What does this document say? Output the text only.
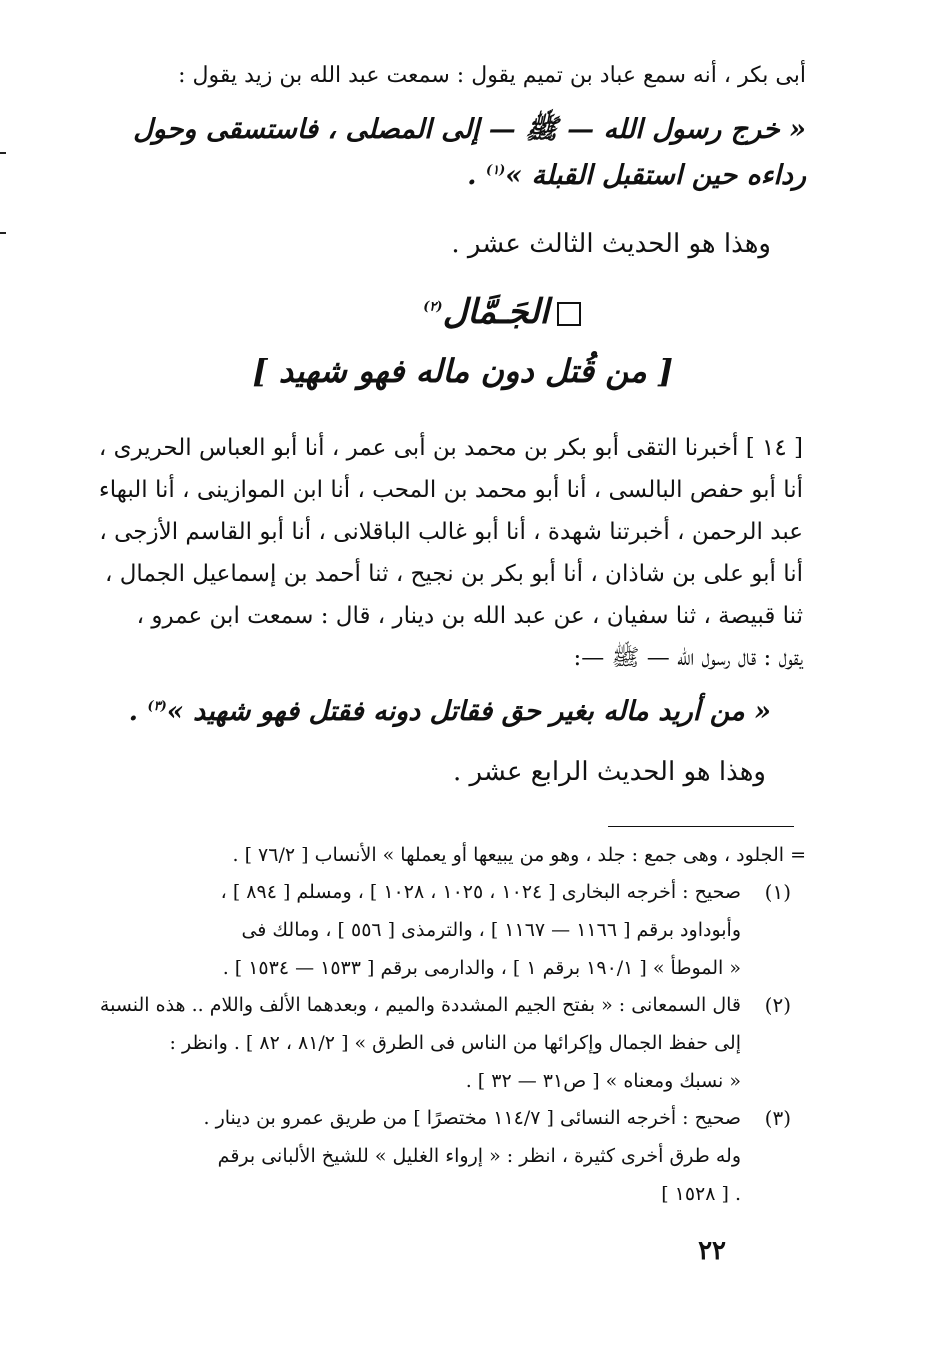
أبى بكر ، أنه سمع عباد بن تميم يقول : سمعت عبد الله بن زيد يقول :
« خرج رسول الله — ﷺ — إلى المصلى ، فاستسقى وحول
رداءه حين استقبل القبلة »$^{(١)}$ .
وهذا هو الحديث الثالث عشر .
الجَـمَّال$^{(٢)}$
[ من قُتل دون ماله فهو شهيد ]
[ ١٤ ] أخبرنا التقى أبو بكر بن محمد بن أبى عمر ، أنا أبو العباس الحريرى ،
أنا أبو حفص البالسى ، أنا أبو محمد بن المحب ، أنا ابن الموازينى ، أنا البهاء
عبد الرحمن ، أخبرتنا شهدة ، أنا أبو غالب الباقلانى ، أنا أبو القاسم الأزجى ،
أنا أبو على بن شاذان ، أنا أبو بكر بن نجيح ، ثنا أحمد بن إسماعيل الجمال ،
ثنا قبيصة ، ثنا سفيان ، عن عبد الله بن دينار ، قال : سمعت ابن عمرو ،
يقول : قال رسول الله — ﷺ —:
« من أريد ماله بغير حق فقاتل دونه فقتل فهو شهيد »$^{(٣)}$ .
وهذا هو الحديث الرابع عشر .
= الجلود ، وهى جمع : جلد ، وهو من يبيعها أو يعملها » الأنساب [ ٧٦/٢ ] .
(١)
صحيح : أخرجه البخارى [ ١٠٢٤ ، ١٠٢٥ ، ١٠٢٨ ] ، ومسلم [ ٨٩٤ ] ،
وأبوداود برقم [ ١١٦٦ — ١١٦٧ ] ، والترمذى [ ٥٥٦ ] ، ومالك فى
« الموطأ » [ ١٩٠/١ برقم ١ ] ، والدارمى برقم [ ١٥٣٣ — ١٥٣٤ ] .
(٢)
قال السمعانى : « بفتح الجيم المشددة والميم ، وبعدهما الألف واللام .. هذه النسبة
إلى حفظ الجمال وإكرائها من الناس فى الطرق » [ ٨١/٢ ، ٨٢ ] . وانظر :
« نسبك ومعناه » [ ص٣١ — ٣٢ ] .
(٣)
صحيح : أخرجه النسائى [ ١١٤/٧ مختصرًا ] من طريق عمرو بن دينار .
وله طرق أخرى كثيرة ، انظر : « إرواء الغليل » للشيخ الألبانى برقم
[ ١٥٢٨ ] .
٢٢
